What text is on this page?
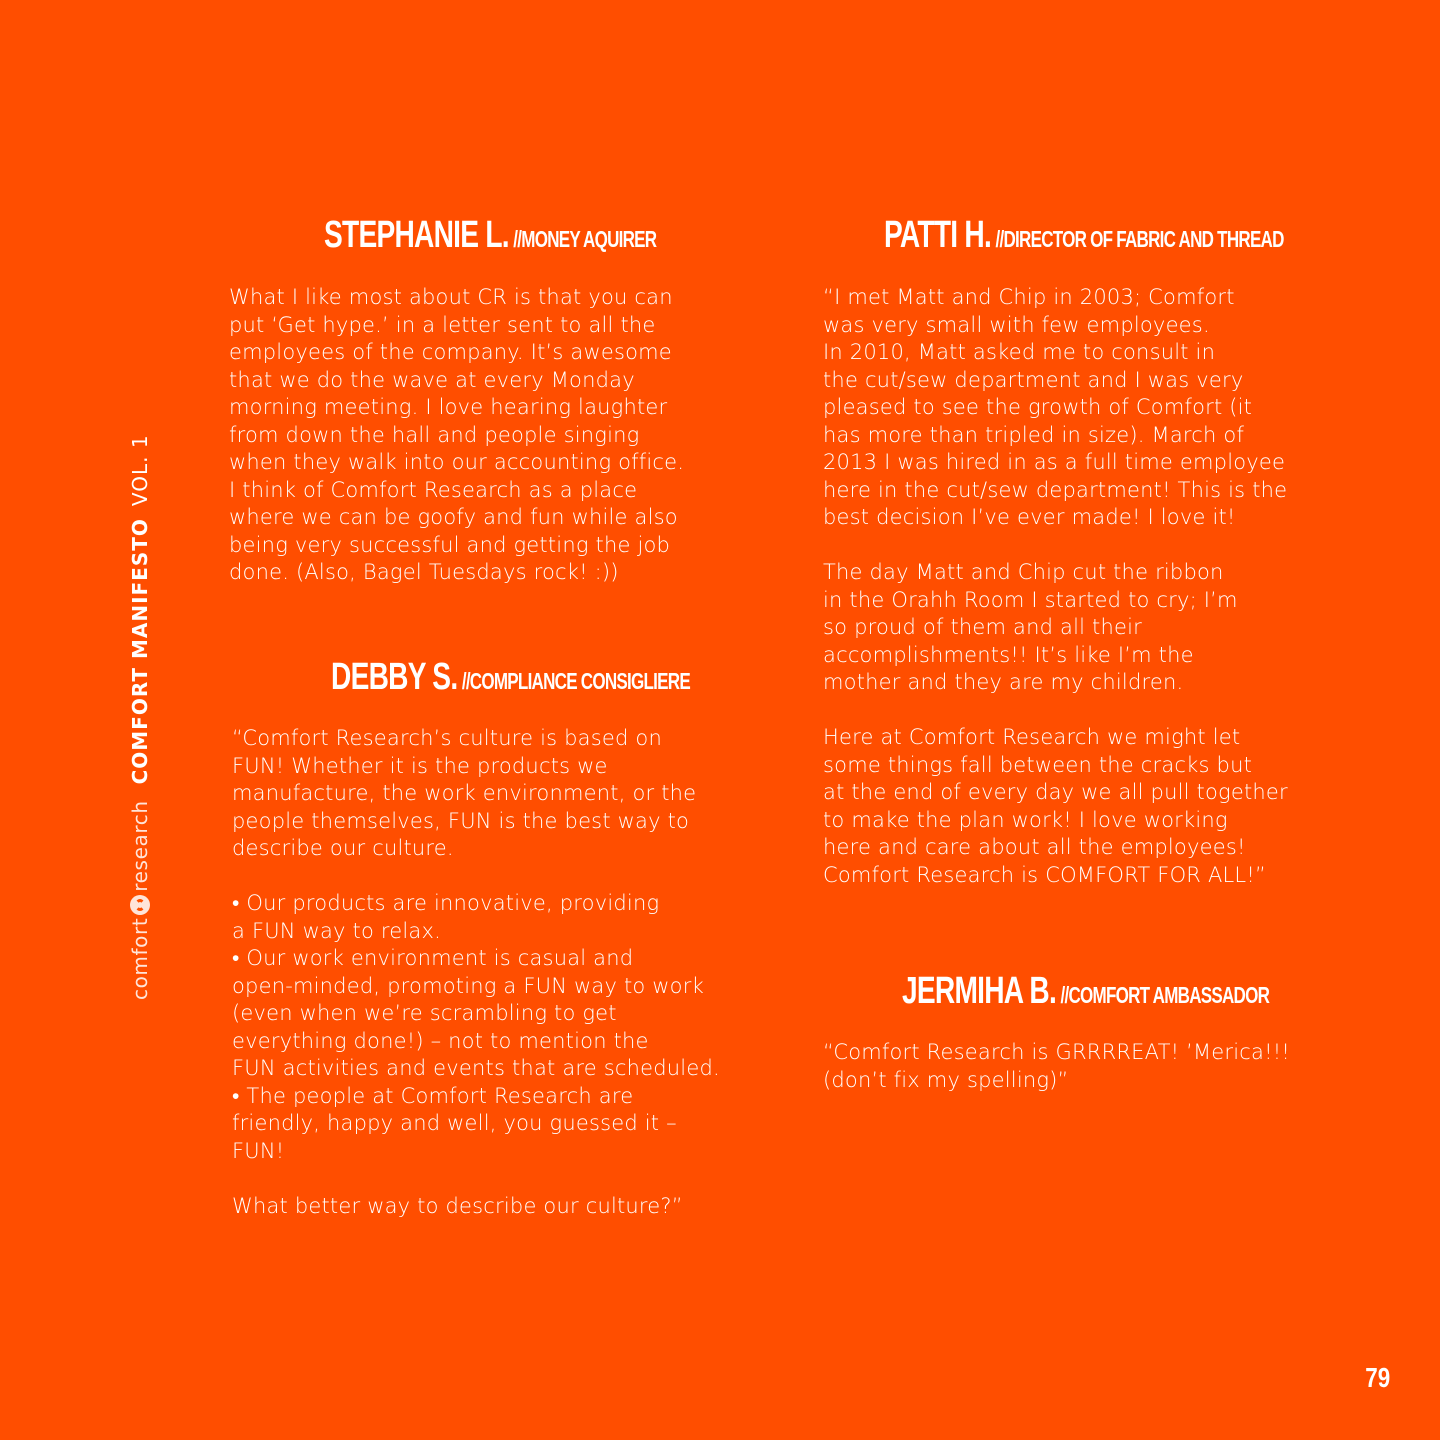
comfort
research
COMFORT MANIFESTO
VOL. 1
STEPHANIE L. //MONEY AQUIRER
What I like most about CR is that you can
put ‘Get hype.’ in a letter sent to all the
employees of the company. It’s awesome
that we do the wave at every Monday
morning meeting. I love hearing laughter
from down the hall and people singing
when they walk into our accounting office.
I think of Comfort Research as a place
where we can be goofy and fun while also
being very successful and getting the job
done. (Also, Bagel Tuesdays rock! :))
DEBBY S. //COMPLIANCE CONSIGLIERE
“Comfort Research’s culture is based on
FUN! Whether it is the products we
manufacture, the work environment, or the
people themselves, FUN is the best way to
describe our culture.
• Our products are innovative, providing
a FUN way to relax.
• Our work environment is casual and
open-minded, promoting a FUN way to work
(even when we’re scrambling to get
everything done!) – not to mention the
FUN activities and events that are scheduled.
• The people at Comfort Research are
friendly, happy and well, you guessed it –
FUN!
What better way to describe our culture?”
PATTI H. //DIRECTOR OF FABRIC AND THREAD
“I met Matt and Chip in 2003; Comfort
was very small with few employees.
In 2010, Matt asked me to consult in
the cut/sew department and I was very
pleased to see the growth of Comfort (it
has more than tripled in size). March of
2013 I was hired in as a full time employee
here in the cut/sew department! This is the
best decision I’ve ever made! I love it!
The day Matt and Chip cut the ribbon
in the Orahh Room I started to cry; I’m
so proud of them and all their
accomplishments!! It’s like I’m the
mother and they are my children.
Here at Comfort Research we might let
some things fall between the cracks but
at the end of every day we all pull together
to make the plan work! I love working
here and care about all the employees!
Comfort Research is COMFORT FOR ALL!”
JERMIHA B. //COMFORT AMBASSADOR
“Comfort Research is GRRRREAT! ’Merica!!!
(don’t fix my spelling)”
79
